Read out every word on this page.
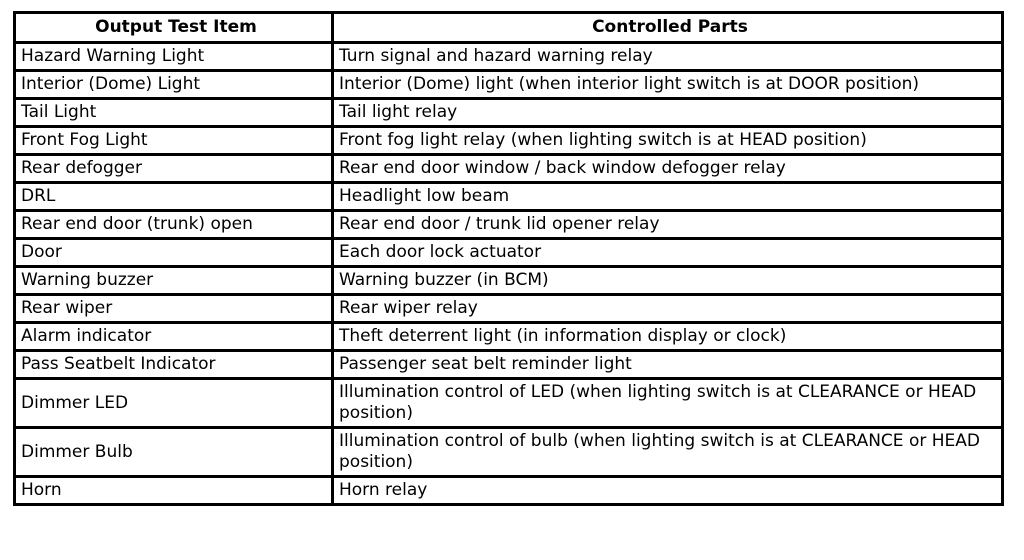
Output Test Item	Controlled Parts
Hazard Warning Light	Turn signal and hazard warning relay
Interior (Dome) Light	Interior (Dome) light (when interior light switch is at DOOR position)
Tail Light	Tail light relay
Front Fog Light	Front fog light relay (when lighting switch is at HEAD position)
Rear defogger	Rear end door window / back window defogger relay
DRL	Headlight low beam
Rear end door (trunk) open	Rear end door / trunk lid opener relay
Door	Each door lock actuator
Warning buzzer	Warning buzzer (in BCM)
Rear wiper	Rear wiper relay
Alarm indicator	Theft deterrent light (in information display or clock)
Pass Seatbelt Indicator	Passenger seat belt reminder light
Dimmer LED	Illumination control of LED (when lighting switch is at CLEARANCE or HEAD position)
Dimmer Bulb	Illumination control of bulb (when lighting switch is at CLEARANCE or HEAD position)
Horn	Horn relay
